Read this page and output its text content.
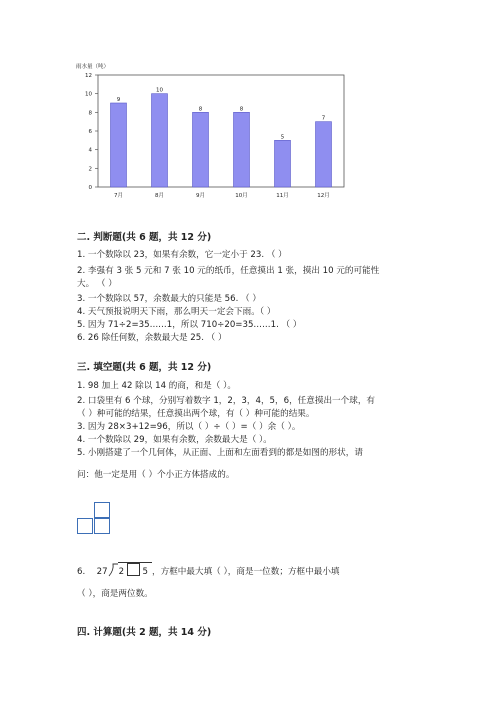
雨水量（吨）
0
2
4
6
8
10
12
9
10
8	8
5
7
7月	8月	9月	10月	11月	12月
二. 判断题(共 6 题，共 12 分)
1. 一个数除以 23，如果有余数，它一定小于 23. （ ）
2. 李强有 3 张 5 元和 7 张 10 元的纸币，任意摸出 1 张，摸出 10 元的可能性
大。 （ ）
3. 一个数除以 57，余数最大的只能是 56. （ ）
4. 天气预报说明天下雨，那么明天一定会下雨。（ ）
5. 因为 71÷2=35……1，所以 710÷20=35……1. （ ）
6. 26 除任何数，余数最大是 25. （ ）
三. 填空题(共 6 题，共 12 分)
1. 98 加上 42 除以 14 的商，和是（ ）。
2. 口袋里有 6 个球，分别写着数字 1，2，3，4，5，6，任意摸出一个球，有
（ ）种可能的结果，任意摸出两个球，有（ ）种可能的结果。
3. 因为 28×3+12=96，所以（ ）÷（ ）=（ ）余（ ）。
4. 一个数除以 29，如果有余数，余数最大是（ ）。
5. 小刚搭建了一个几何体，从正面、上面和左面看到的都是如图的形状，请
问：他一定是用（ ）个小正方体搭成的。
6. 27 2 5 ，方框中最大填（ ），商是一位数；方框中最小填
（ ），商是两位数。
四. 计算题(共 2 题，共 14 分)
